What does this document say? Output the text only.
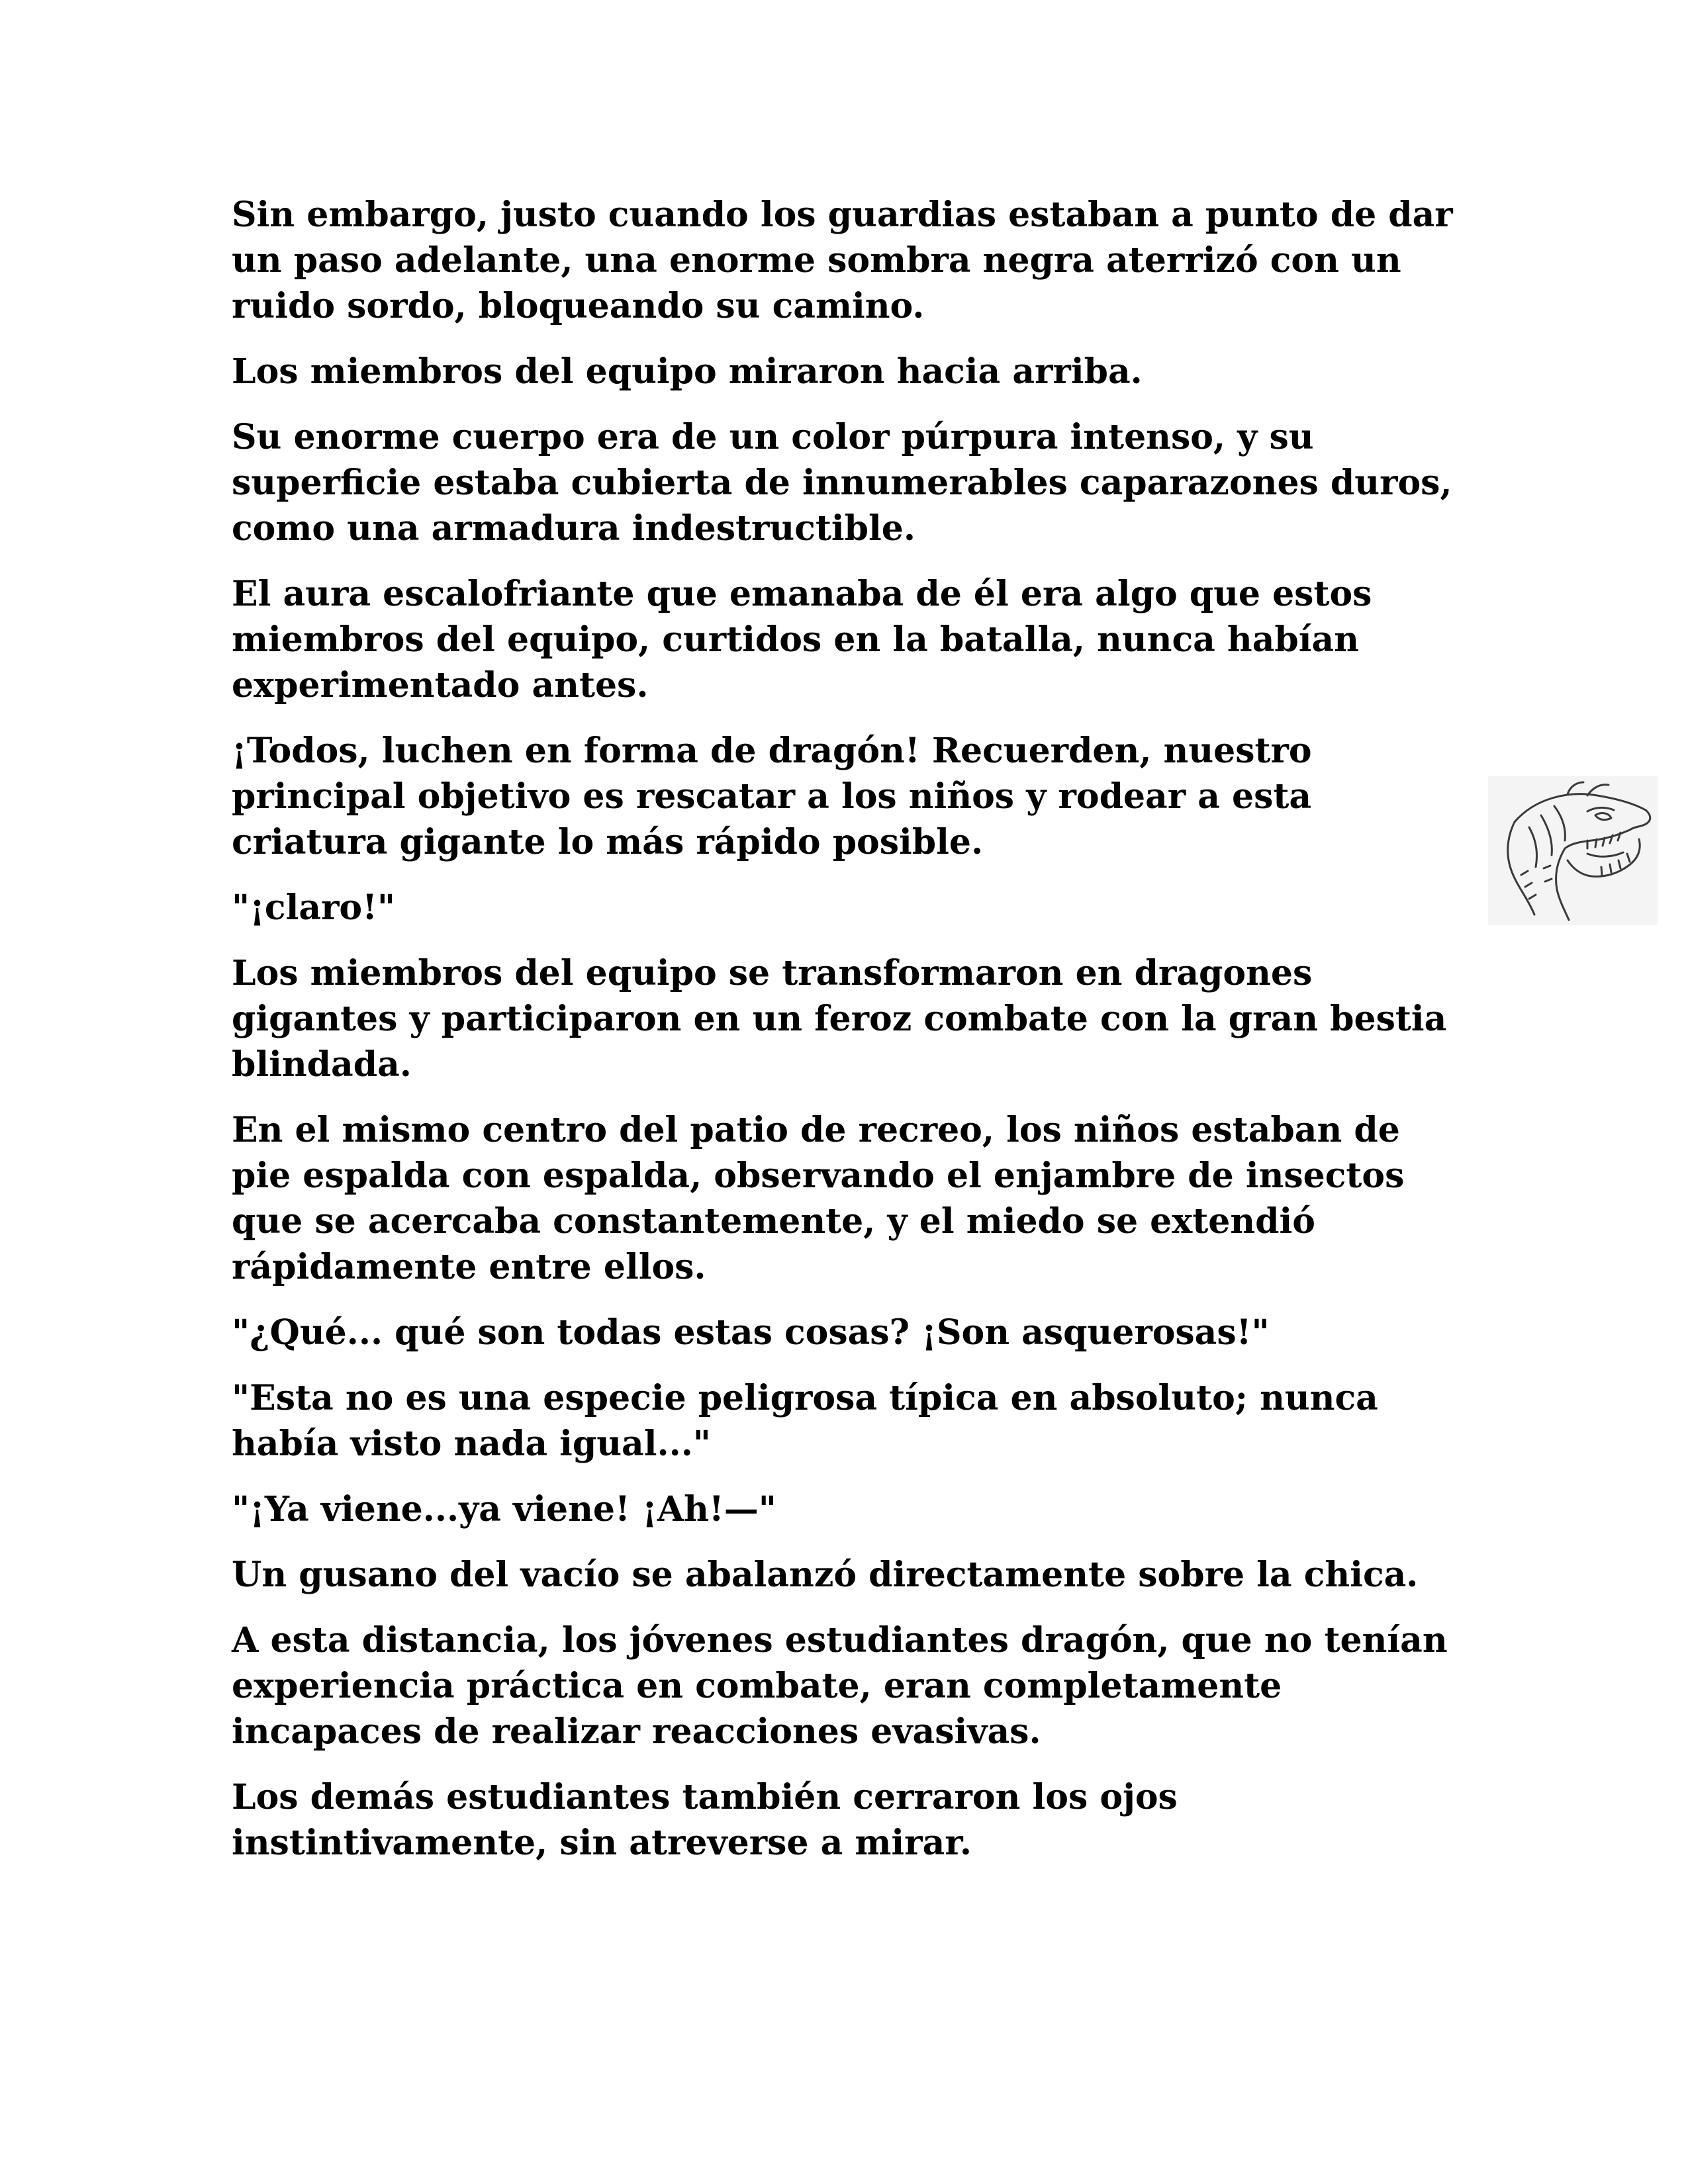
Sin embargo, justo cuando los guardias estaban a punto de dar un paso adelante, una enorme sombra negra aterrizó con un ruido sordo, bloqueando su camino.

Los miembros del equipo miraron hacia arriba.

Su enorme cuerpo era de un color púrpura intenso, y su superficie estaba cubierta de innumerables caparazones duros, como una armadura indestructible.

El aura escalofriante que emanaba de él era algo que estos miembros del equipo, curtidos en la batalla, nunca habían experimentado antes.

¡Todos, luchen en forma de dragón! Recuerden, nuestro principal objetivo es rescatar a los niños y rodear a esta criatura gigante lo más rápido posible.

"¡claro!"

Los miembros del equipo se transformaron en dragones gigantes y participaron en un feroz combate con la gran bestia blindada.

En el mismo centro del patio de recreo, los niños estaban de pie espalda con espalda, observando el enjambre de insectos que se acercaba constantemente, y el miedo se extendió rápidamente entre ellos.

"¿Qué... qué son todas estas cosas? ¡Son asquerosas!"

"Esta no es una especie peligrosa típica en absoluto; nunca había visto nada igual..."

"¡Ya viene...ya viene! ¡Ah!—"

Un gusano del vacío se abalanzó directamente sobre la chica.

A esta distancia, los jóvenes estudiantes dragón, que no tenían experiencia práctica en combate, eran completamente incapaces de realizar reacciones evasivas.

Los demás estudiantes también cerraron los ojos instintivamente, sin atreverse a mirar.
